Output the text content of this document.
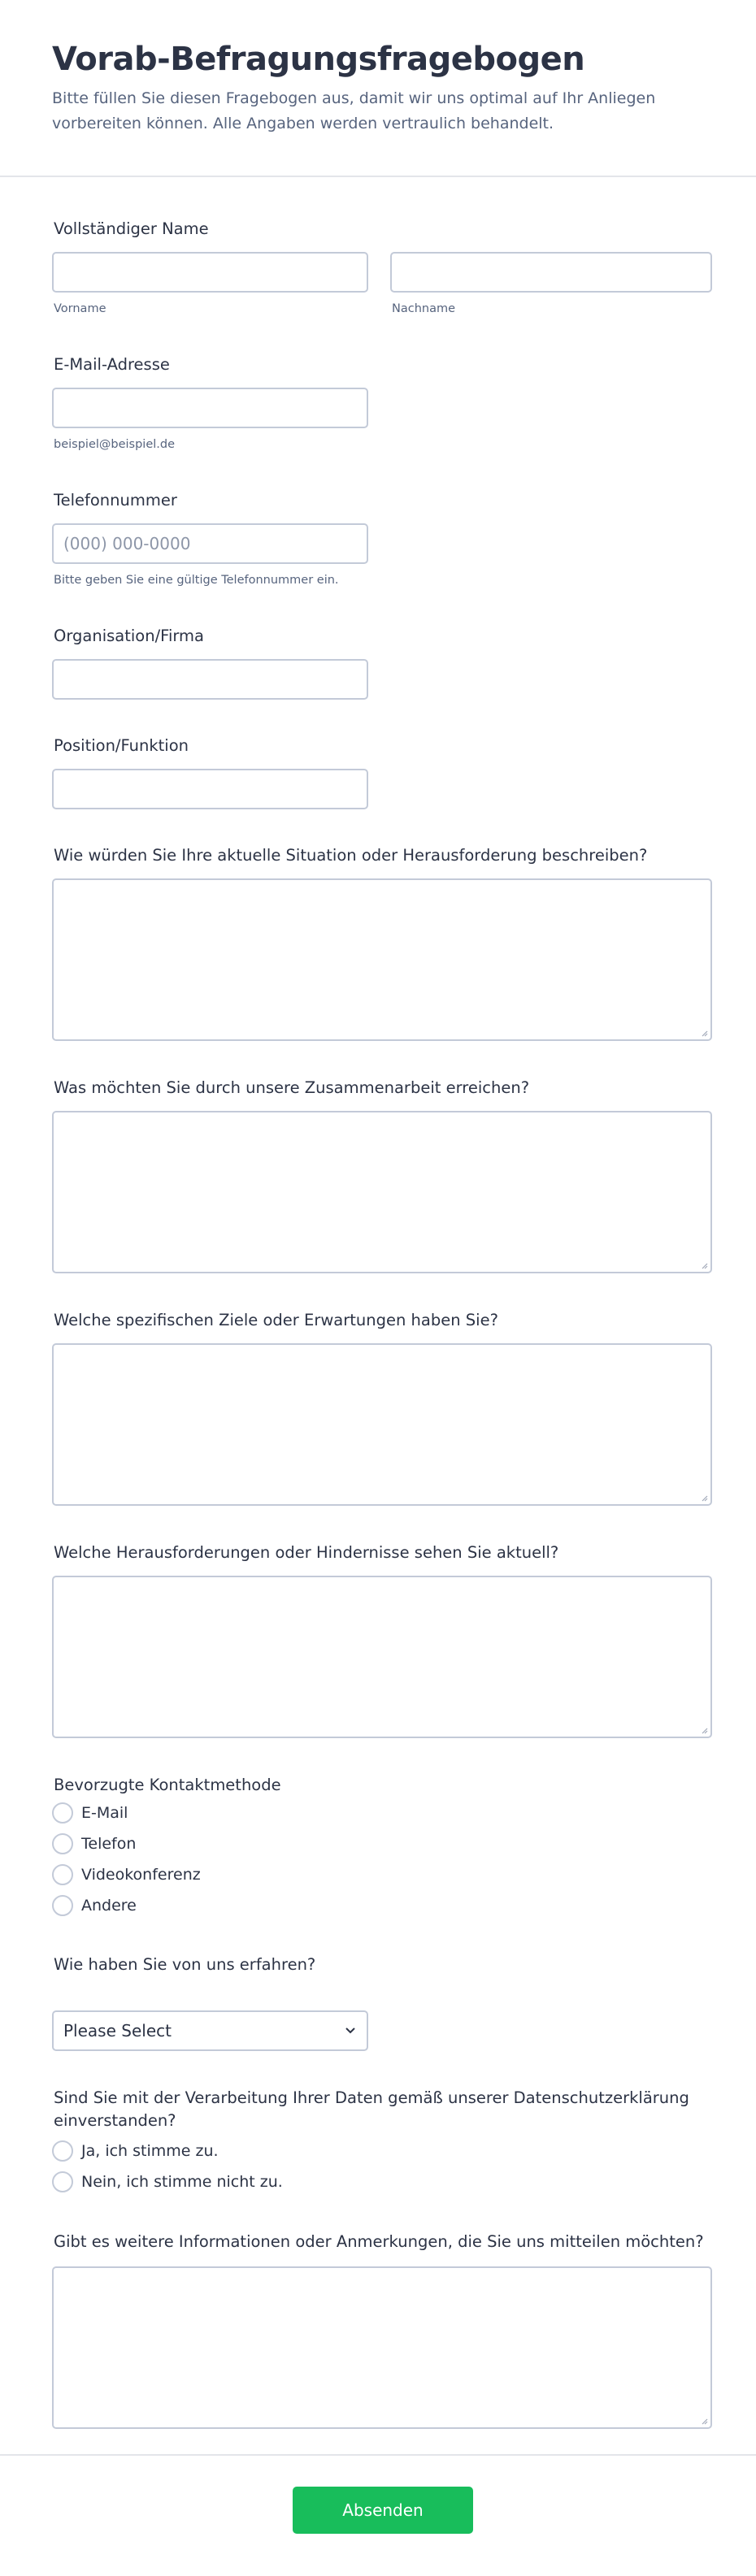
Vorab-Befragungsfragebogen
Bitte füllen Sie diesen Fragebogen aus, damit wir uns optimal auf Ihr Anliegen vorbereiten können. Alle Angaben werden vertraulich behandelt.
Vollständiger Name
Vorname	Nachname
E-Mail-Adresse
beispiel@beispiel.de
Telefonnummer
(000) 000-0000
Bitte geben Sie eine gültige Telefonnummer ein.
Organisation/Firma
Position/Funktion
Wie würden Sie Ihre aktuelle Situation oder Herausforderung beschreiben?
Was möchten Sie durch unsere Zusammenarbeit erreichen?
Welche spezifischen Ziele oder Erwartungen haben Sie?
Welche Herausforderungen oder Hindernisse sehen Sie aktuell?
Bevorzugte Kontaktmethode
E-Mail
Telefon
Videokonferenz
Andere
Wie haben Sie von uns erfahren?
Please Select
Sind Sie mit der Verarbeitung Ihrer Daten gemäß unserer Datenschutzerklärung einverstanden?
Ja, ich stimme zu.
Nein, ich stimme nicht zu.
Gibt es weitere Informationen oder Anmerkungen, die Sie uns mitteilen möchten?
Absenden
